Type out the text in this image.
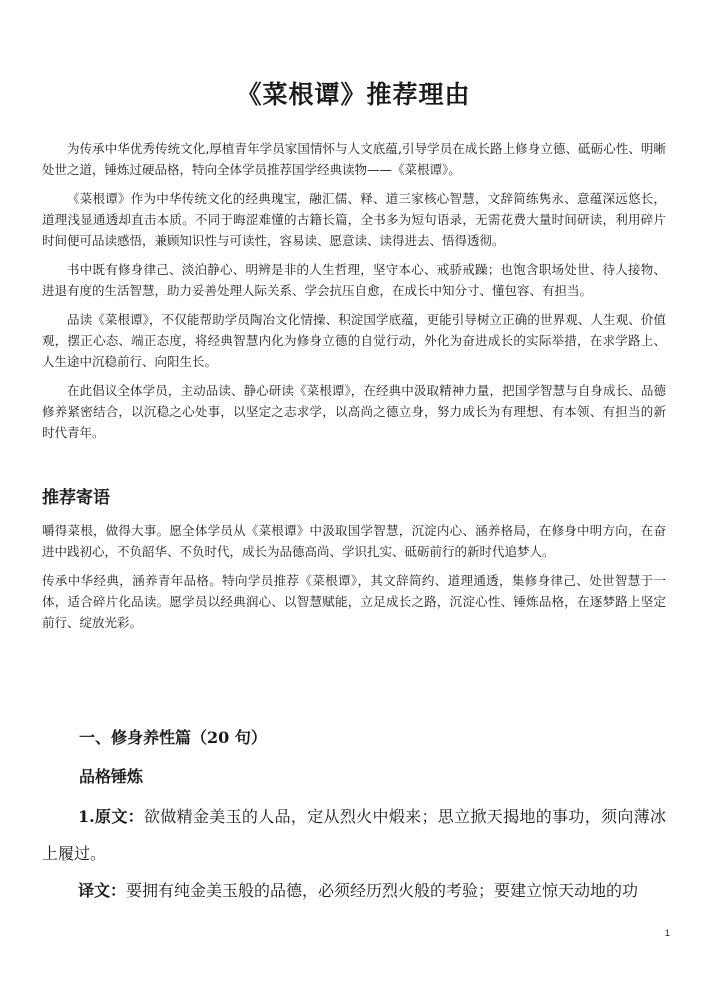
《菜根谭》推荐理由

为传承中华优秀传统文化,厚植青年学员家国情怀与人文底蕴,引导学员在成长路上修身立德、砥砺心性、明晰处世之道，锤炼过硬品格，特向全体学员推荐国学经典读物——《菜根谭》。

《菜根谭》作为中华传统文化的经典瑰宝，融汇儒、释、道三家核心智慧，文辞简练隽永、意蕴深远悠长，道理浅显通透却直击本质。不同于晦涩难懂的古籍长篇，全书多为短句语录，无需花费大量时间研读，利用碎片时间便可品读感悟，兼顾知识性与可读性，容易读、愿意读、读得进去、悟得透彻。

书中既有修身律己、淡泊静心、明辨是非的人生哲理，坚守本心、戒骄戒躁；也饱含职场处世、待人接物、进退有度的生活智慧，助力妥善处理人际关系、学会抗压自愈，在成长中知分寸、懂包容、有担当。

品读《菜根谭》，不仅能帮助学员陶冶文化情操、积淀国学底蕴，更能引导树立正确的世界观、人生观、价值观，摆正心态、端正态度，将经典智慧内化为修身立德的自觉行动，外化为奋进成长的实际举措，在求学路上、人生途中沉稳前行、向阳生长。

在此倡议全体学员，主动品读、静心研读《菜根谭》，在经典中汲取精神力量，把国学智慧与自身成长、品德修养紧密结合，以沉稳之心处事，以坚定之志求学，以高尚之德立身，努力成长为有理想、有本领、有担当的新时代青年。

推荐寄语

嚼得菜根，做得大事。愿全体学员从《菜根谭》中汲取国学智慧，沉淀内心、涵养格局，在修身中明方向，在奋进中践初心，不负韶华、不负时代，成长为品德高尚、学识扎实、砥砺前行的新时代追梦人。

传承中华经典，涵养青年品格。特向学员推荐《菜根谭》，其文辞简约、道理通透，集修身律己、处世智慧于一体，适合碎片化品读。愿学员以经典润心、以智慧赋能，立足成长之路，沉淀心性、锤炼品格，在逐梦路上坚定前行、绽放光彩。

一、修身养性篇（20 句）
品格锤炼

1.原文：欲做精金美玉的人品，定从烈火中煅来；思立掀天揭地的事功，须向薄冰上履过。

译文：要拥有纯金美玉般的品德，必须经历烈火般的考验；要建立惊天动地的功

1
